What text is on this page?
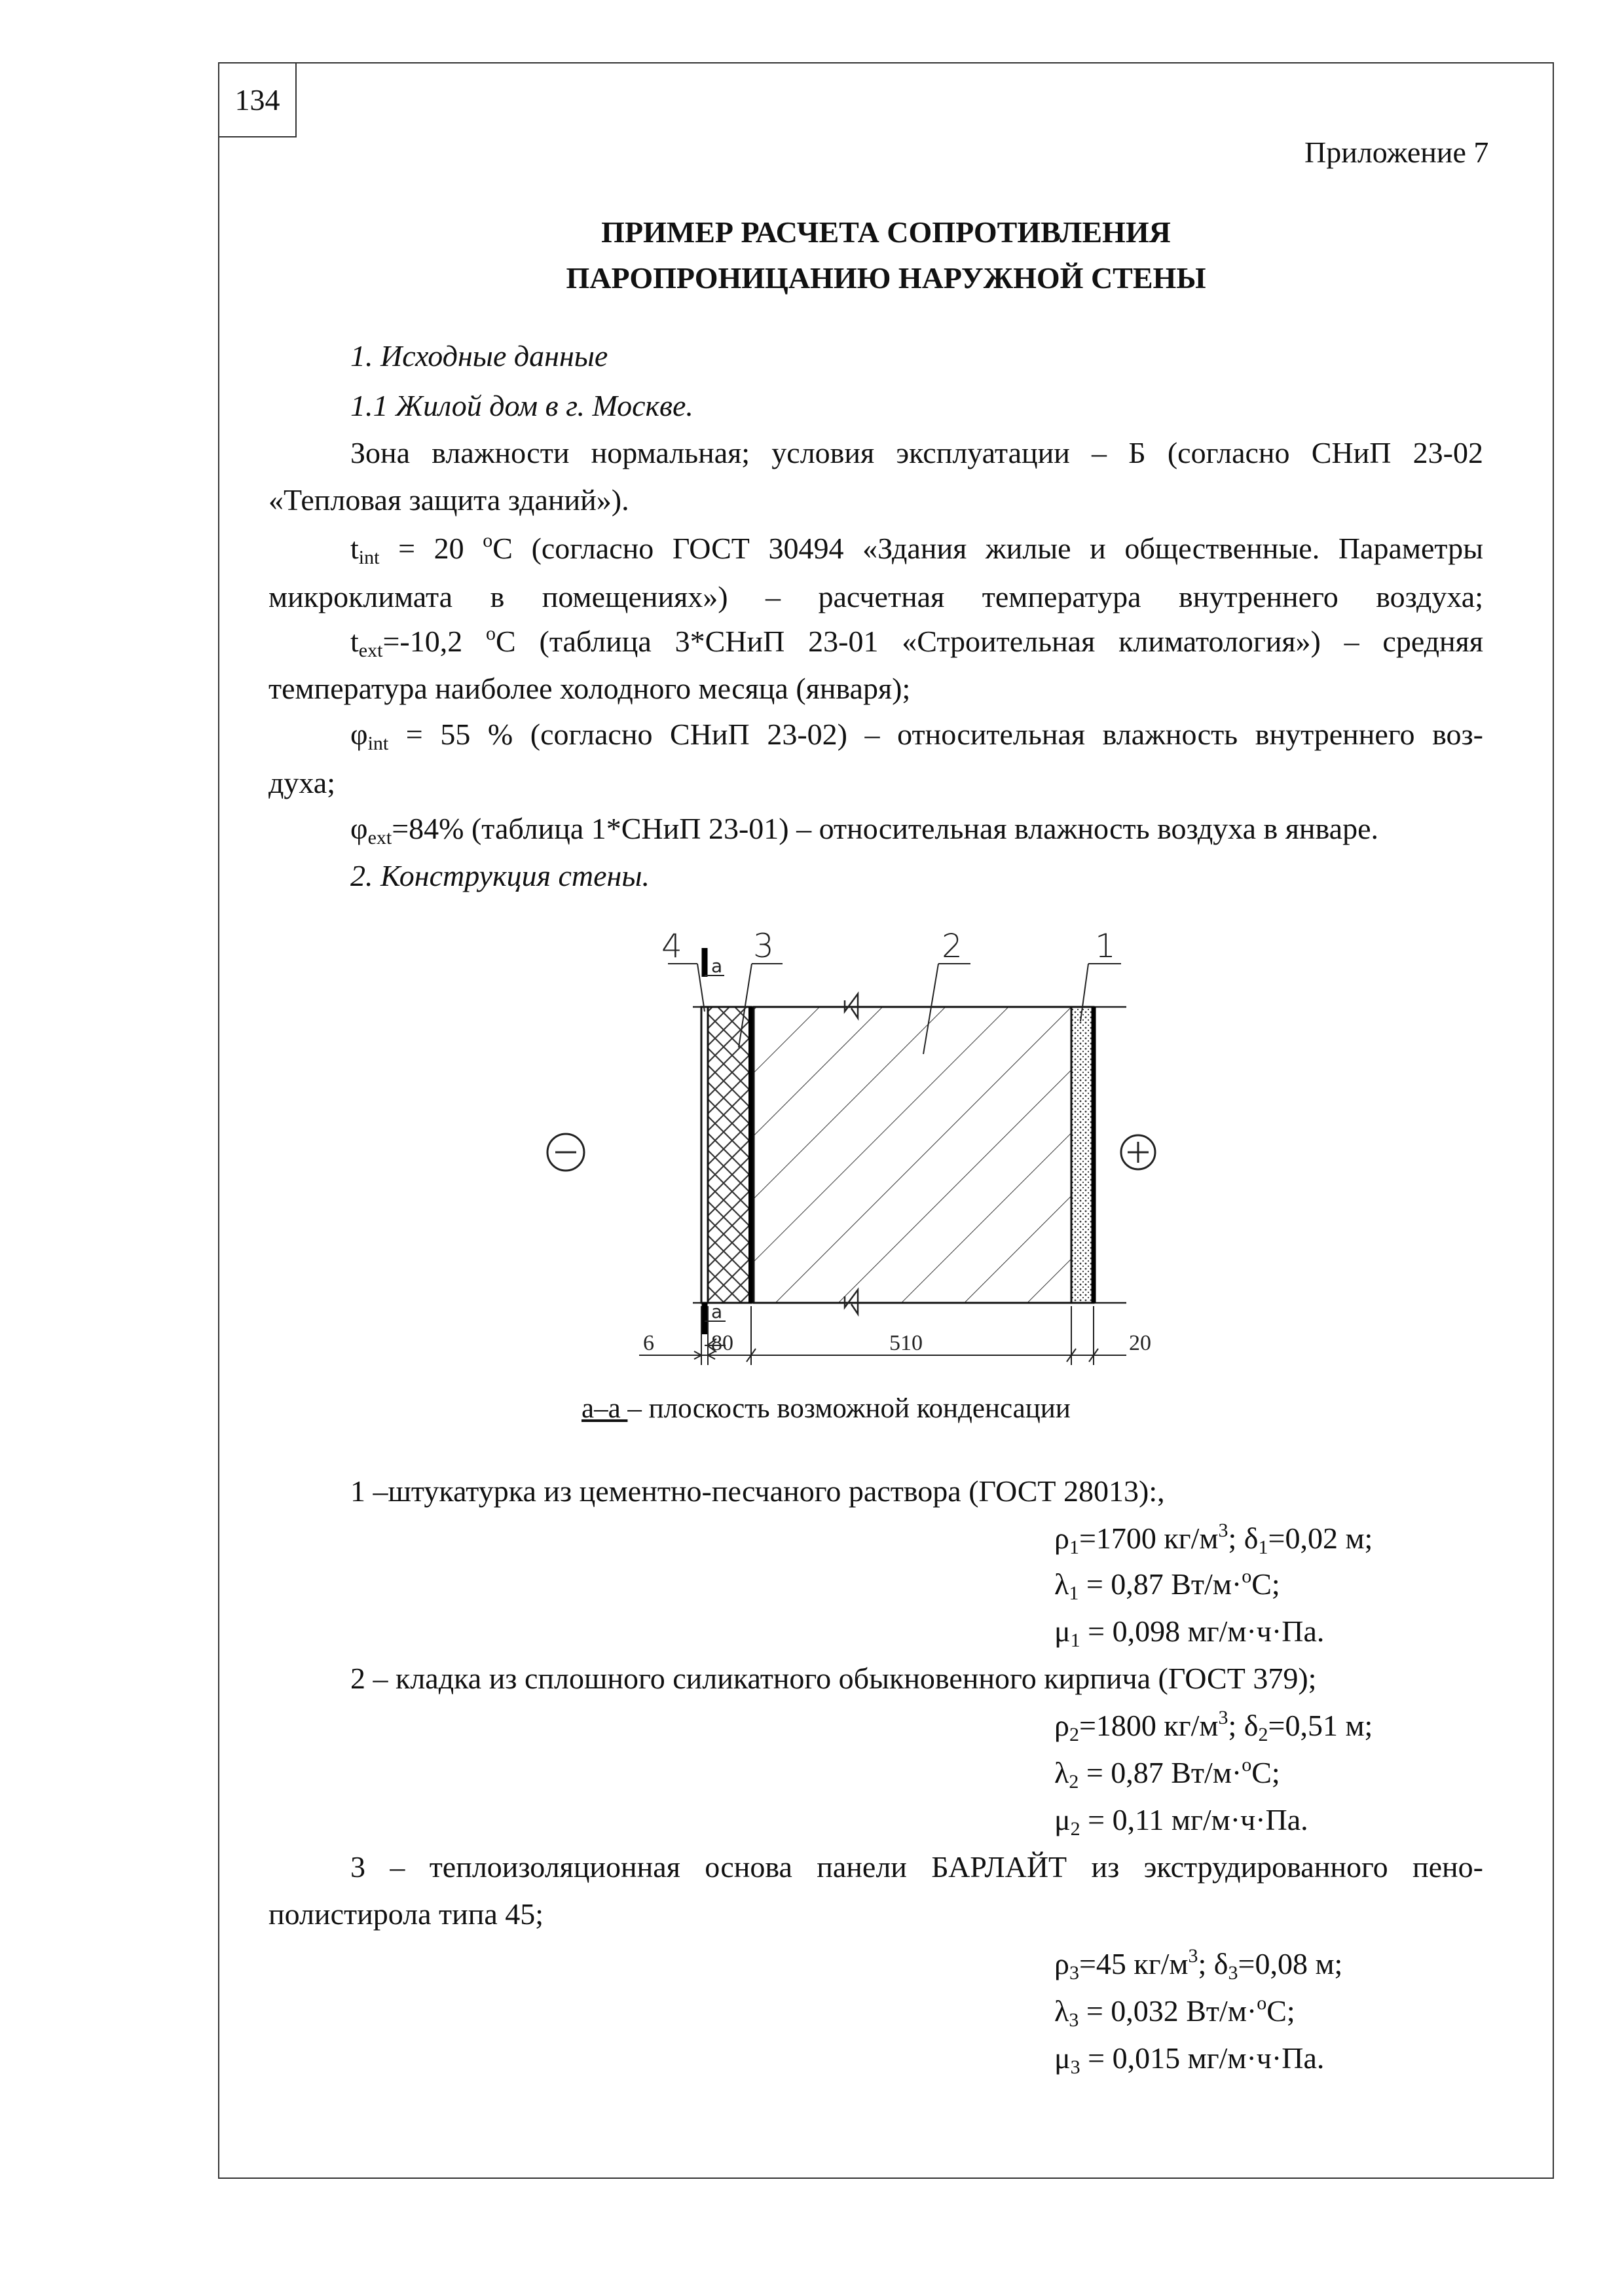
134
Приложение 7
ПРИМЕР РАСЧЕТА СОПРОТИВЛЕНИЯ
ПАРОПРОНИЦАНИЮ НАРУЖНОЙ СТЕНЫ
1. Исходные данные
1.1 Жилой дом в г. Москве.
Зона влажности нормальная; условия эксплуатации – Б (согласно СНиП 23-02
«Тепловая защита зданий»).
$t_{int} = 20$ $^o$С (согласно ГОСТ 30494 «Здания жилые и общественные. Параметры
микроклимата в помещениях») – расчетная температура внутреннего воздуха;
$t_{ext}=-10,2$ $^o$С (таблица 3*СНиП 23-01 «Строительная климатология») – средняя
температура наиболее холодного месяца (января);
$\varphi_{int} = 55$ % (согласно СНиП 23-02) – относительная влажность внутреннего воз-
духа;
$\varphi_{ext}=84\%$ (таблица 1*СНиП 23-01) – относительная влажность воздуха в январе.
2. Конструкция стены.
4 3	2	1
а
а
6	80	510	20
а–а – плоскость возможной конденсации
1 –штукатурка из цементно-песчаного раствора (ГОСТ 28013):,
$\rho_1=1700$ $кг/м^3$; $\delta_1=0,02$ м;
$\lambda_1 = 0,87$ Вт/м·$^o$С;
$\mu_1 = 0,098$ мг/м·ч·Па.
2 – кладка из сплошного силикатного обыкновенного кирпича (ГОСТ 379);
$\rho_2=1800$ $кг/м^3$; $\delta_2=0,51$ м;
$\lambda_2 = 0,87$ Вт/м·$^o$С;
$\mu_2 = 0,11$ мг/м·ч·Па.
3 – теплоизоляционная основа панели БАРЛАЙТ из экструдированного пено-
полистирола типа 45;
$\rho_3=45$ $кг/м^3$; $\delta_3=0,08$ м;
$\lambda_3 = 0,032$ Вт/м·$^o$С;
$\mu_3 = 0,015$ мг/м·ч·Па.
